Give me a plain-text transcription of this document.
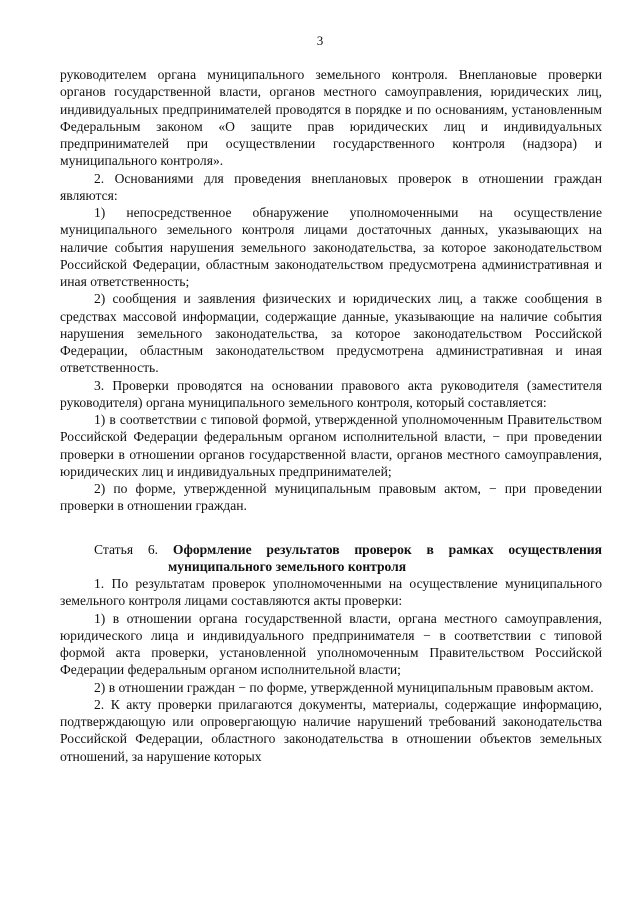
3

руководителем органа муниципального земельного контроля. Внеплановые проверки органов государственной власти, органов местного самоуправления, юридических лиц, индивидуальных предпринимателей проводятся в порядке и по основаниям, установленным Федеральным законом «О защите прав юридических лиц и индивидуальных предпринимателей при осуществлении государственного контроля (надзора) и муниципального контроля».

2. Основаниями для проведения внеплановых проверок в отношении граждан являются:

1) непосредственное обнаружение уполномоченными на осуществление муниципального земельного контроля лицами достаточных данных, указывающих на наличие события нарушения земельного законодательства, за которое законодательством Российской Федерации, областным законодательством предусмотрена административная и иная ответственность;

2) сообщения и заявления физических и юридических лиц, а также сообщения в средствах массовой информации, содержащие данные, указывающие на наличие события нарушения земельного законодательства, за которое законодательством Российской Федерации, областным законодательством предусмотрена административная и иная ответственность.

3. Проверки проводятся на основании правового акта руководителя (заместителя руководителя) органа муниципального земельного контроля, который составляется:

1) в соответствии с типовой формой, утвержденной уполномоченным Правительством Российской Федерации федеральным органом исполнительной власти, − при проведении проверки в отношении органов государственной власти, органов местного самоуправления, юридических лиц и индивидуальных предпринимателей;

2) по форме, утвержденной муниципальным правовым актом, − при проведении проверки в отношении граждан.

Статья 6. Оформление результатов проверок в рамках осуществления

муниципального земельного контроля

1. По результатам проверок уполномоченными на осуществление муниципального земельного контроля лицами составляются акты проверки:

1) в отношении органа государственной власти, органа местного самоуправления, юридического лица и индивидуального предпринимателя − в соответствии с типовой формой акта проверки, установленной уполномоченным Правительством Российской Федерации федеральным органом исполнительной власти;

2) в отношении граждан − по форме, утвержденной муниципальным правовым актом.

2. К акту проверки прилагаются документы, материалы, содержащие информацию, подтверждающую или опровергающую наличие нарушений требований законодательства Российской Федерации, областного законодательства в отношении объектов земельных отношений, за нарушение которых
